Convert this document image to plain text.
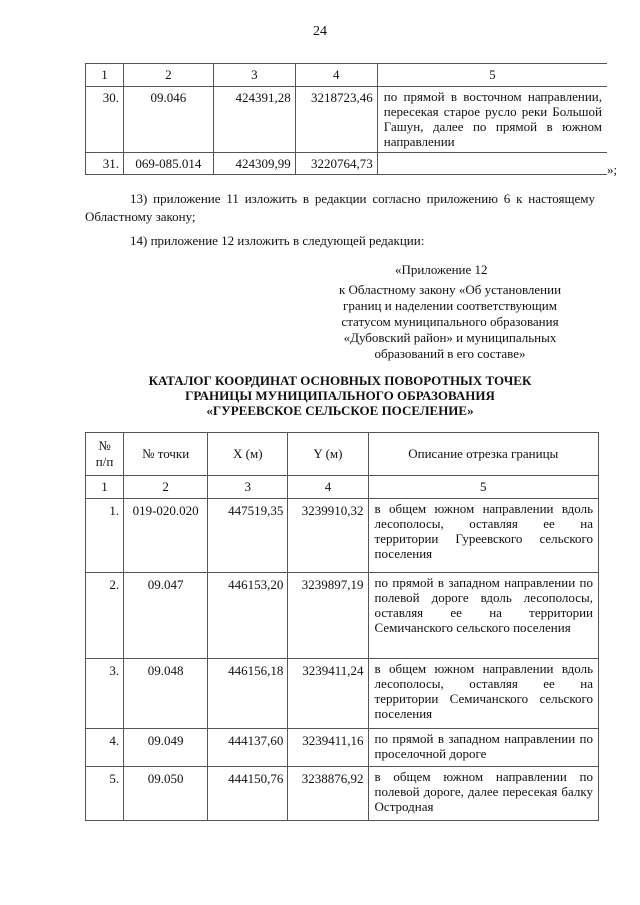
24
1	2	3	4	5
30.	09.046	424391,28	3218723,46	по прямой в восточном направлении, пересекая старое русло реки Большой Гашун, далее по прямой в южном направлении
31.	069-085.014	424309,99	3220764,73		»;
13) приложение 11 изложить в редакции согласно приложению 6 к настоящему Областному закону;
14) приложение 12 изложить в следующей редакции:
«Приложение 12
к Областному закону «Об установлении
границ и наделении соответствующим
статусом муниципального образования
«Дубовский район» и муниципальных
образований в его составе»
КАТАЛОГ КООРДИНАТ ОСНОВНЫХ ПОВОРОТНЫХ ТОЧЕК
ГРАНИЦЫ МУНИЦИПАЛЬНОГО ОБРАЗОВАНИЯ
«ГУРЕЕВСКОЕ СЕЛЬСКОЕ ПОСЕЛЕНИЕ»
№
п/п	№ точки	X (м)	Y (м)	Описание отрезка границы
1	2	3	4	5
1.	019-020.020	447519,35	3239910,32	в общем южном направлении вдоль лесополосы, оставляя ее на территории Гуреевского сельского поселения
2.	09.047	446153,20	3239897,19	по прямой в западном направлении по полевой дороге вдоль лесополосы, оставляя ее на территории Семичанского сельского поселения
3.	09.048	446156,18	3239411,24	в общем южном направлении вдоль лесополосы, оставляя ее на территории Семичанского сельского поселения
4.	09.049	444137,60	3239411,16	по прямой в западном направлении по проселочной дороге
5.	09.050	444150,76	3238876,92	в общем южном направлении по полевой дороге, далее пересекая балку Остродная
